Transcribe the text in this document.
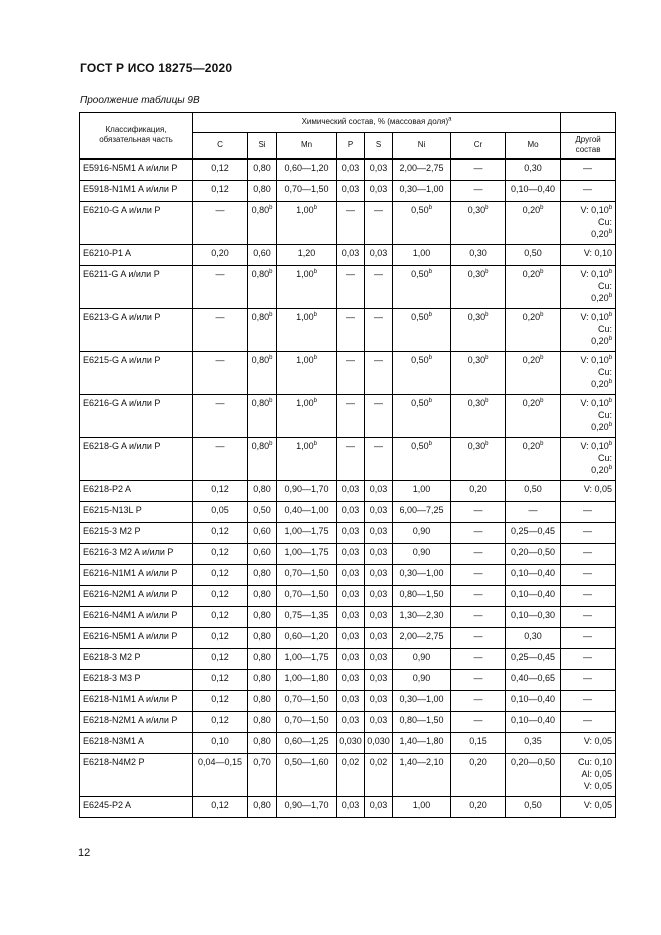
ГОСТ Р ИСО 18275—2020
Проолжение таблицы 9B
Классификация,
обязательная часть	Химический состав, % (массовая доля)$^a$	
	C	Si	Mn	P	S	Ni	Cr	Mo	Другой
состав

E5916-N5M1 A и/или P	0,12	0,80	0,60—1,20	0,03	0,03	2,00—2,75	—	0,30	—

E5918-N1M1 A и/или P	0,12	0,80	0,70—1,50	0,03	0,03	0,30—1,00	—	0,10—0,40	—

E6210-G A и/или P	—	0,80$^b$	1,00$^b$	—	—	0,50$^b$	0,30$^b$	0,20$^b$	V: 0,10$^b$
Cu:
0,20$^b$

E6210-P1 A	0,20	0,60	1,20	0,03	0,03	1,00	0,30	0,50	V: 0,10

E6211-G A и/или P	—	0,80$^b$	1,00$^b$	—	—	0,50$^b$	0,30$^b$	0,20$^b$	V: 0,10$^b$
Cu:
0,20$^b$

E6213-G A и/или P	—	0,80$^b$	1,00$^b$	—	—	0,50$^b$	0,30$^b$	0,20$^b$	V: 0,10$^b$
Cu:
0,20$^b$

E6215-G A и/или P	—	0,80$^b$	1,00$^b$	—	—	0,50$^b$	0,30$^b$	0,20$^b$	V: 0,10$^b$
Cu:
0,20$^b$

E6216-G A и/или P	—	0,80$^b$	1,00$^b$	—	—	0,50$^b$	0,30$^b$	0,20$^b$	V: 0,10$^b$
Cu:
0,20$^b$

E6218-G A и/или P	—	0,80$^b$	1,00$^b$	—	—	0,50$^b$	0,30$^b$	0,20$^b$	V: 0,10$^b$
Cu:
0,20$^b$

E6218-P2 A	0,12	0,80	0,90—1,70	0,03	0,03	1,00	0,20	0,50	V: 0,05

E6215-N13L P	0,05	0,50	0,40—1,00	0,03	0,03	6,00—7,25	—	—	—

E6215-3 M2 P	0,12	0,60	1,00—1,75	0,03	0,03	0,90	—	0,25—0,45	—

E6216-3 M2 A и/или P	0,12	0,60	1,00—1,75	0,03	0,03	0,90	—	0,20—0,50	—

E6216-N1M1 A и/или P	0,12	0,80	0,70—1,50	0,03	0,03	0,30—1,00	—	0,10—0,40	—

E6216-N2M1 A и/или P	0,12	0,80	0,70—1,50	0,03	0,03	0,80—1,50	—	0,10—0,40	—

E6216-N4M1 A и/или P	0,12	0,80	0,75—1,35	0,03	0,03	1,30—2,30	—	0,10—0,30	—

E6216-N5M1 A и/или P	0,12	0,80	0,60—1,20	0,03	0,03	2,00—2,75	—	0,30	—

E6218-3 M2 P	0,12	0,80	1,00—1,75	0,03	0,03	0,90	—	0,25—0,45	—

E6218-3 M3 P	0,12	0,80	1,00—1,80	0,03	0,03	0,90	—	0,40—0,65	—

E6218-N1M1 A и/или P	0,12	0,80	0,70—1,50	0,03	0,03	0,30—1,00	—	0,10—0,40	—

E6218-N2M1 A и/или P	0,12	0,80	0,70—1,50	0,03	0,03	0,80—1,50	—	0,10—0,40	—

E6218-N3M1 A	0,10	0,80	0,60—1,25	0,030	0,030	1,40—1,80	0,15	0,35	V: 0,05

E6218-N4M2 P	0,04—0,15	0,70	0,50—1,60	0,02	0,02	1,40—2,10	0,20	0,20—0,50	Cu: 0,10
Al: 0,05
V: 0,05

E6245-P2 A	0,12	0,80	0,90—1,70	0,03	0,03	1,00	0,20	0,50	V: 0,05
12
